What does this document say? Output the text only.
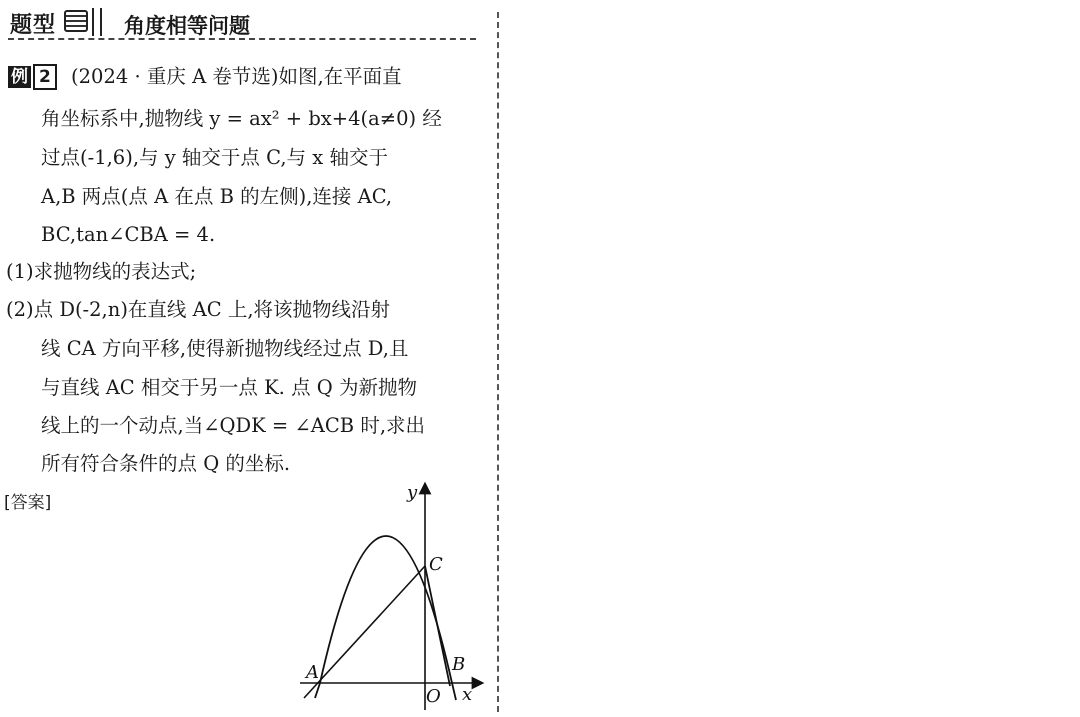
题型	角度相等问题
例 2 (2024 · 重庆 A 卷节选)如图,在平面直
角坐标系中,抛物线 y = ax² + bx+4(a≠0) 经
过点(-1,6),与 y 轴交于点 C,与 x 轴交于
A,B 两点(点 A 在点 B 的左侧),连接 AC,
BC,tan∠CBA = 4.
(1)求抛物线的表达式;
(2)点 D(-2,n)在直线 AC 上,将该抛物线沿射
线 CA 方向平移,使得新抛物线经过点 D,且
与直线 AC 相交于另一点 K. 点 Q 为新抛物
线上的一个动点,当∠QDK = ∠ACB 时,求出
所有符合条件的点 Q 的坐标.
[答案]	y
x
O
A	B
C
